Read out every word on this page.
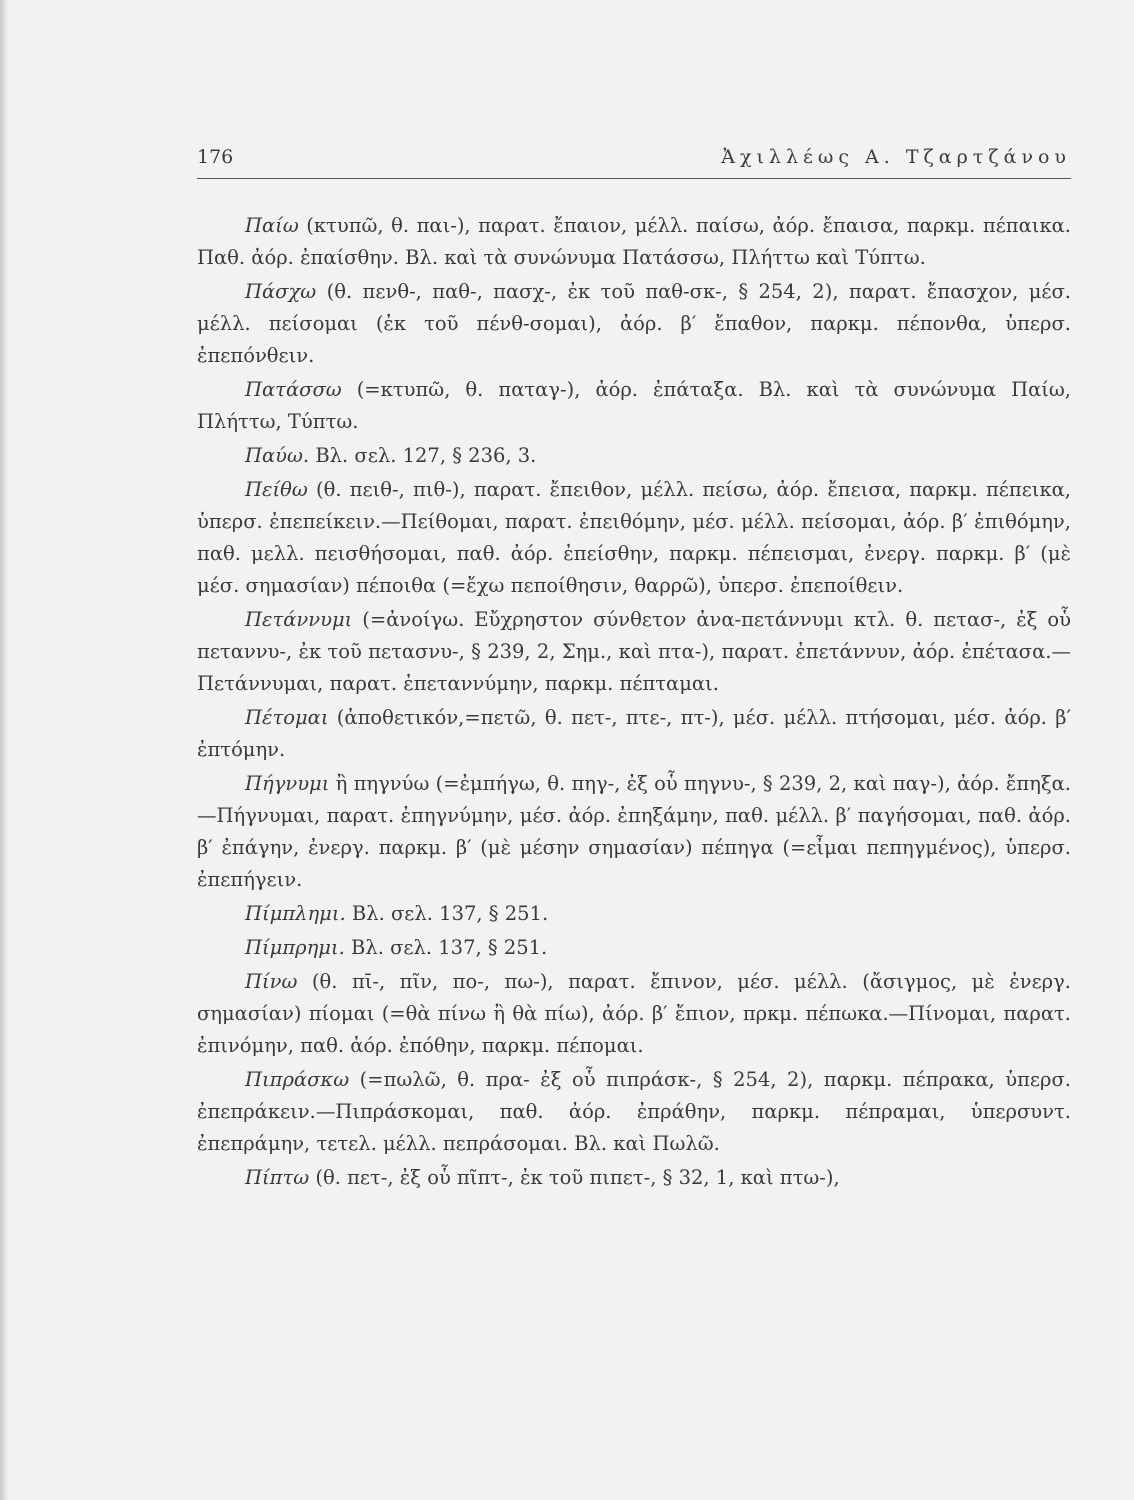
176	Ἀχιλλέως Α. Τζαρτζάνου

Παίω (κτυπῶ, θ. παι-), παρατ. ἔπαιον, μέλλ. παίσω, ἀόρ. ἔπαισα, παρκμ. πέπαικα. Παθ. ἀόρ. ἐπαίσθην. Βλ. καὶ τὰ συνώνυμα Πατάσσω, Πλήττω καὶ Τύπτω.

Πάσχω (θ. πενθ-, παθ-, πασχ-, ἐκ τοῦ παθ-σκ-, § 254, 2), παρατ. ἔπασχον, μέσ. μέλλ. πείσομαι (ἐκ τοῦ πένθ-σομαι), ἀόρ. β′ ἔπαθον, παρκμ. πέπονθα, ὑπερσ. ἐπεπόνθειν.

Πατάσσω (=κτυπῶ, θ. παταγ-), ἀόρ. ἐπάταξα. Βλ. καὶ τὰ συνώνυμα Παίω, Πλήττω, Τύπτω.

Παύω. Βλ. σελ. 127, § 236, 3.

Πείθω (θ. πειθ-, πιθ-), παρατ. ἔπειθον, μέλλ. πείσω, ἀόρ. ἔπεισα, παρκμ. πέπεικα, ὑπερσ. ἐπεπείκειν.—Πείθομαι, παρατ. ἐπειθόμην, μέσ. μέλλ. πείσομαι, ἀόρ. β′ ἐπιθόμην, παθ. μελλ. πεισθήσομαι, παθ. ἀόρ. ἐπείσθην, παρκμ. πέπεισμαι, ἐνεργ. παρκμ. β′ (μὲ μέσ. σημασίαν) πέποιθα (=ἔχω πεποίθησιν, θαρρῶ), ὑπερσ. ἐπεποίθειν.

Πετάννυμι (=ἀνοίγω. Εὔχρηστον σύνθετον ἀνα-πετάννυμι κτλ. θ. πετασ-, ἐξ οὗ πεταννυ-, ἐκ τοῦ πετασνυ-, § 239, 2, Σημ., καὶ πτα-), παρατ. ἐπετάννυν, ἀόρ. ἐπέτασα.—Πετάννυμαι, παρατ. ἐπεταννύμην, παρκμ. πέπταμαι.

Πέτομαι (ἀποθετικόν,=πετῶ, θ. πετ-, πτε-, πτ-), μέσ. μέλλ. πτήσομαι, μέσ. ἀόρ. β′ ἐπτόμην.

Πήγνυμι ἢ πηγνύω (=ἐμπήγω, θ. πηγ-, ἐξ οὗ πηγνυ-, § 239, 2, καὶ παγ-), ἀόρ. ἔπηξα.—Πήγνυμαι, παρατ. ἐπηγνύμην, μέσ. ἀόρ. ἐπηξάμην, παθ. μέλλ. β′ παγήσομαι, παθ. ἀόρ. β′ ἐπάγην, ἐνεργ. παρκμ. β′ (μὲ μέσην σημασίαν) πέπηγα (=εἶμαι πεπηγμένος), ὑπερσ. ἐπεπήγειν.

Πίμπλημι. Βλ. σελ. 137, § 251.

Πίμπρημι. Βλ. σελ. 137, § 251.

Πίνω (θ. πῑ-, πῖν, πο-, πω-), παρατ. ἔπινον, μέσ. μέλλ. (ἄσιγμος, μὲ ἐνεργ. σημασίαν) πίομαι (=θὰ πίνω ἢ θὰ πίω), ἀόρ. β′ ἔπιον, πρκμ. πέπωκα.—Πίνομαι, παρατ. ἐπινόμην, παθ. ἀόρ. ἐπόθην, παρκμ. πέπομαι.

Πιπράσκω (=πωλῶ, θ. πρα- ἐξ οὗ πιπράσκ-, § 254, 2), παρκμ. πέπρακα, ὑπερσ. ἐπεπράκειν.—Πιπράσκομαι, παθ. ἀόρ. ἐπράθην, παρκμ. πέπραμαι, ὑπερσυντ. ἐπεπράμην, τετελ. μέλλ. πεπράσομαι. Βλ. καὶ Πωλῶ.

Πίπτω (θ. πετ-, ἐξ οὗ πῖπτ-, ἐκ τοῦ πιπετ-, § 32, 1, καὶ πτω-),
